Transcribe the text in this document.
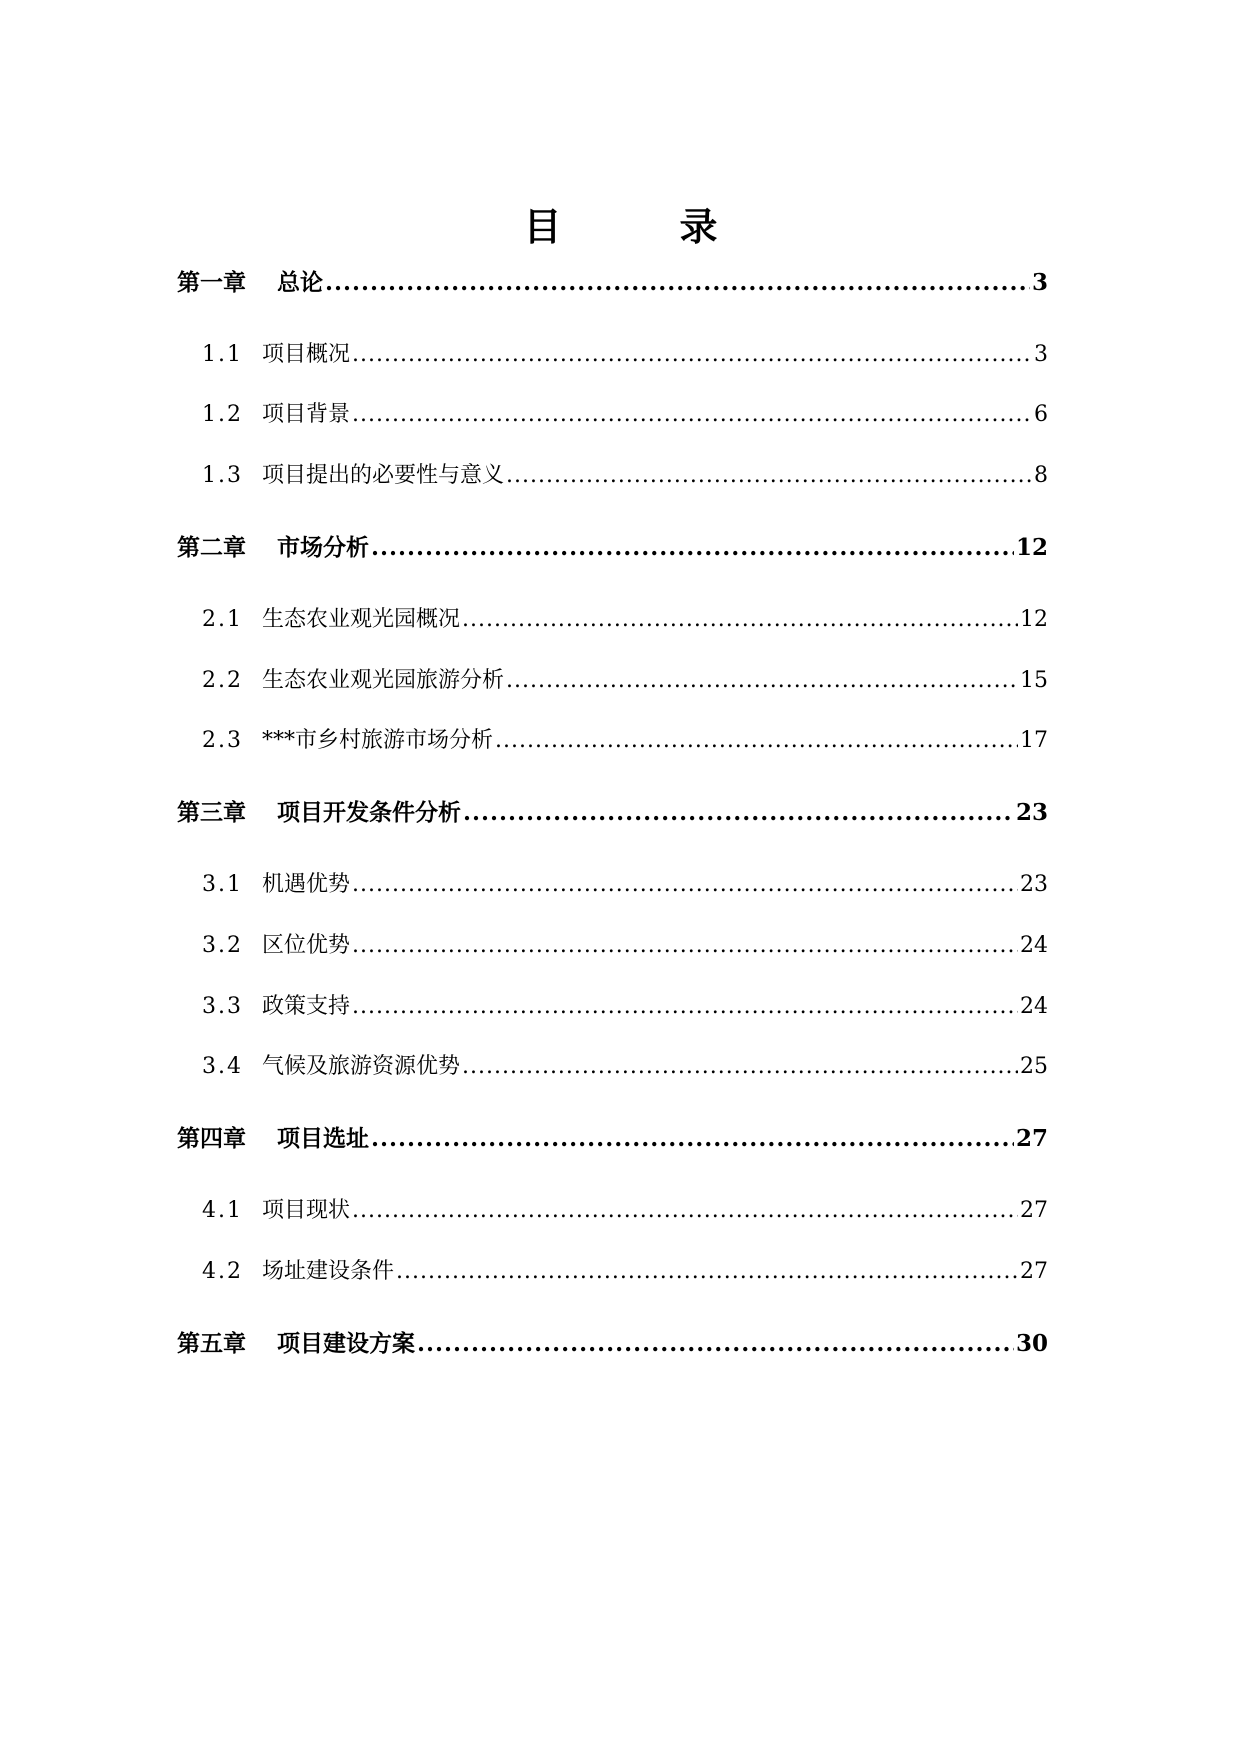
目　录
第一章	总论 .....	3
1.1 项目概况 .....	3
1.2 项目背景 .....	6
1.3 项目提出的必要性与意义 .....	8
第二章	市场分析 .....	12
2.1 生态农业观光园概况 .....	12
2.2 生态农业观光园旅游分析 .....	15
2.3 ***市乡村旅游市场分析 .....	17
第三章	项目开发条件分析 .....	23
3.1 机遇优势 .....	23
3.2 区位优势 .....	24
3.3 政策支持 .....	24
3.4 气候及旅游资源优势 .....	25
第四章	项目选址 .....	27
4.1 项目现状 .....	27
4.2 场址建设条件 .....	27
第五章	项目建设方案 .....	30
